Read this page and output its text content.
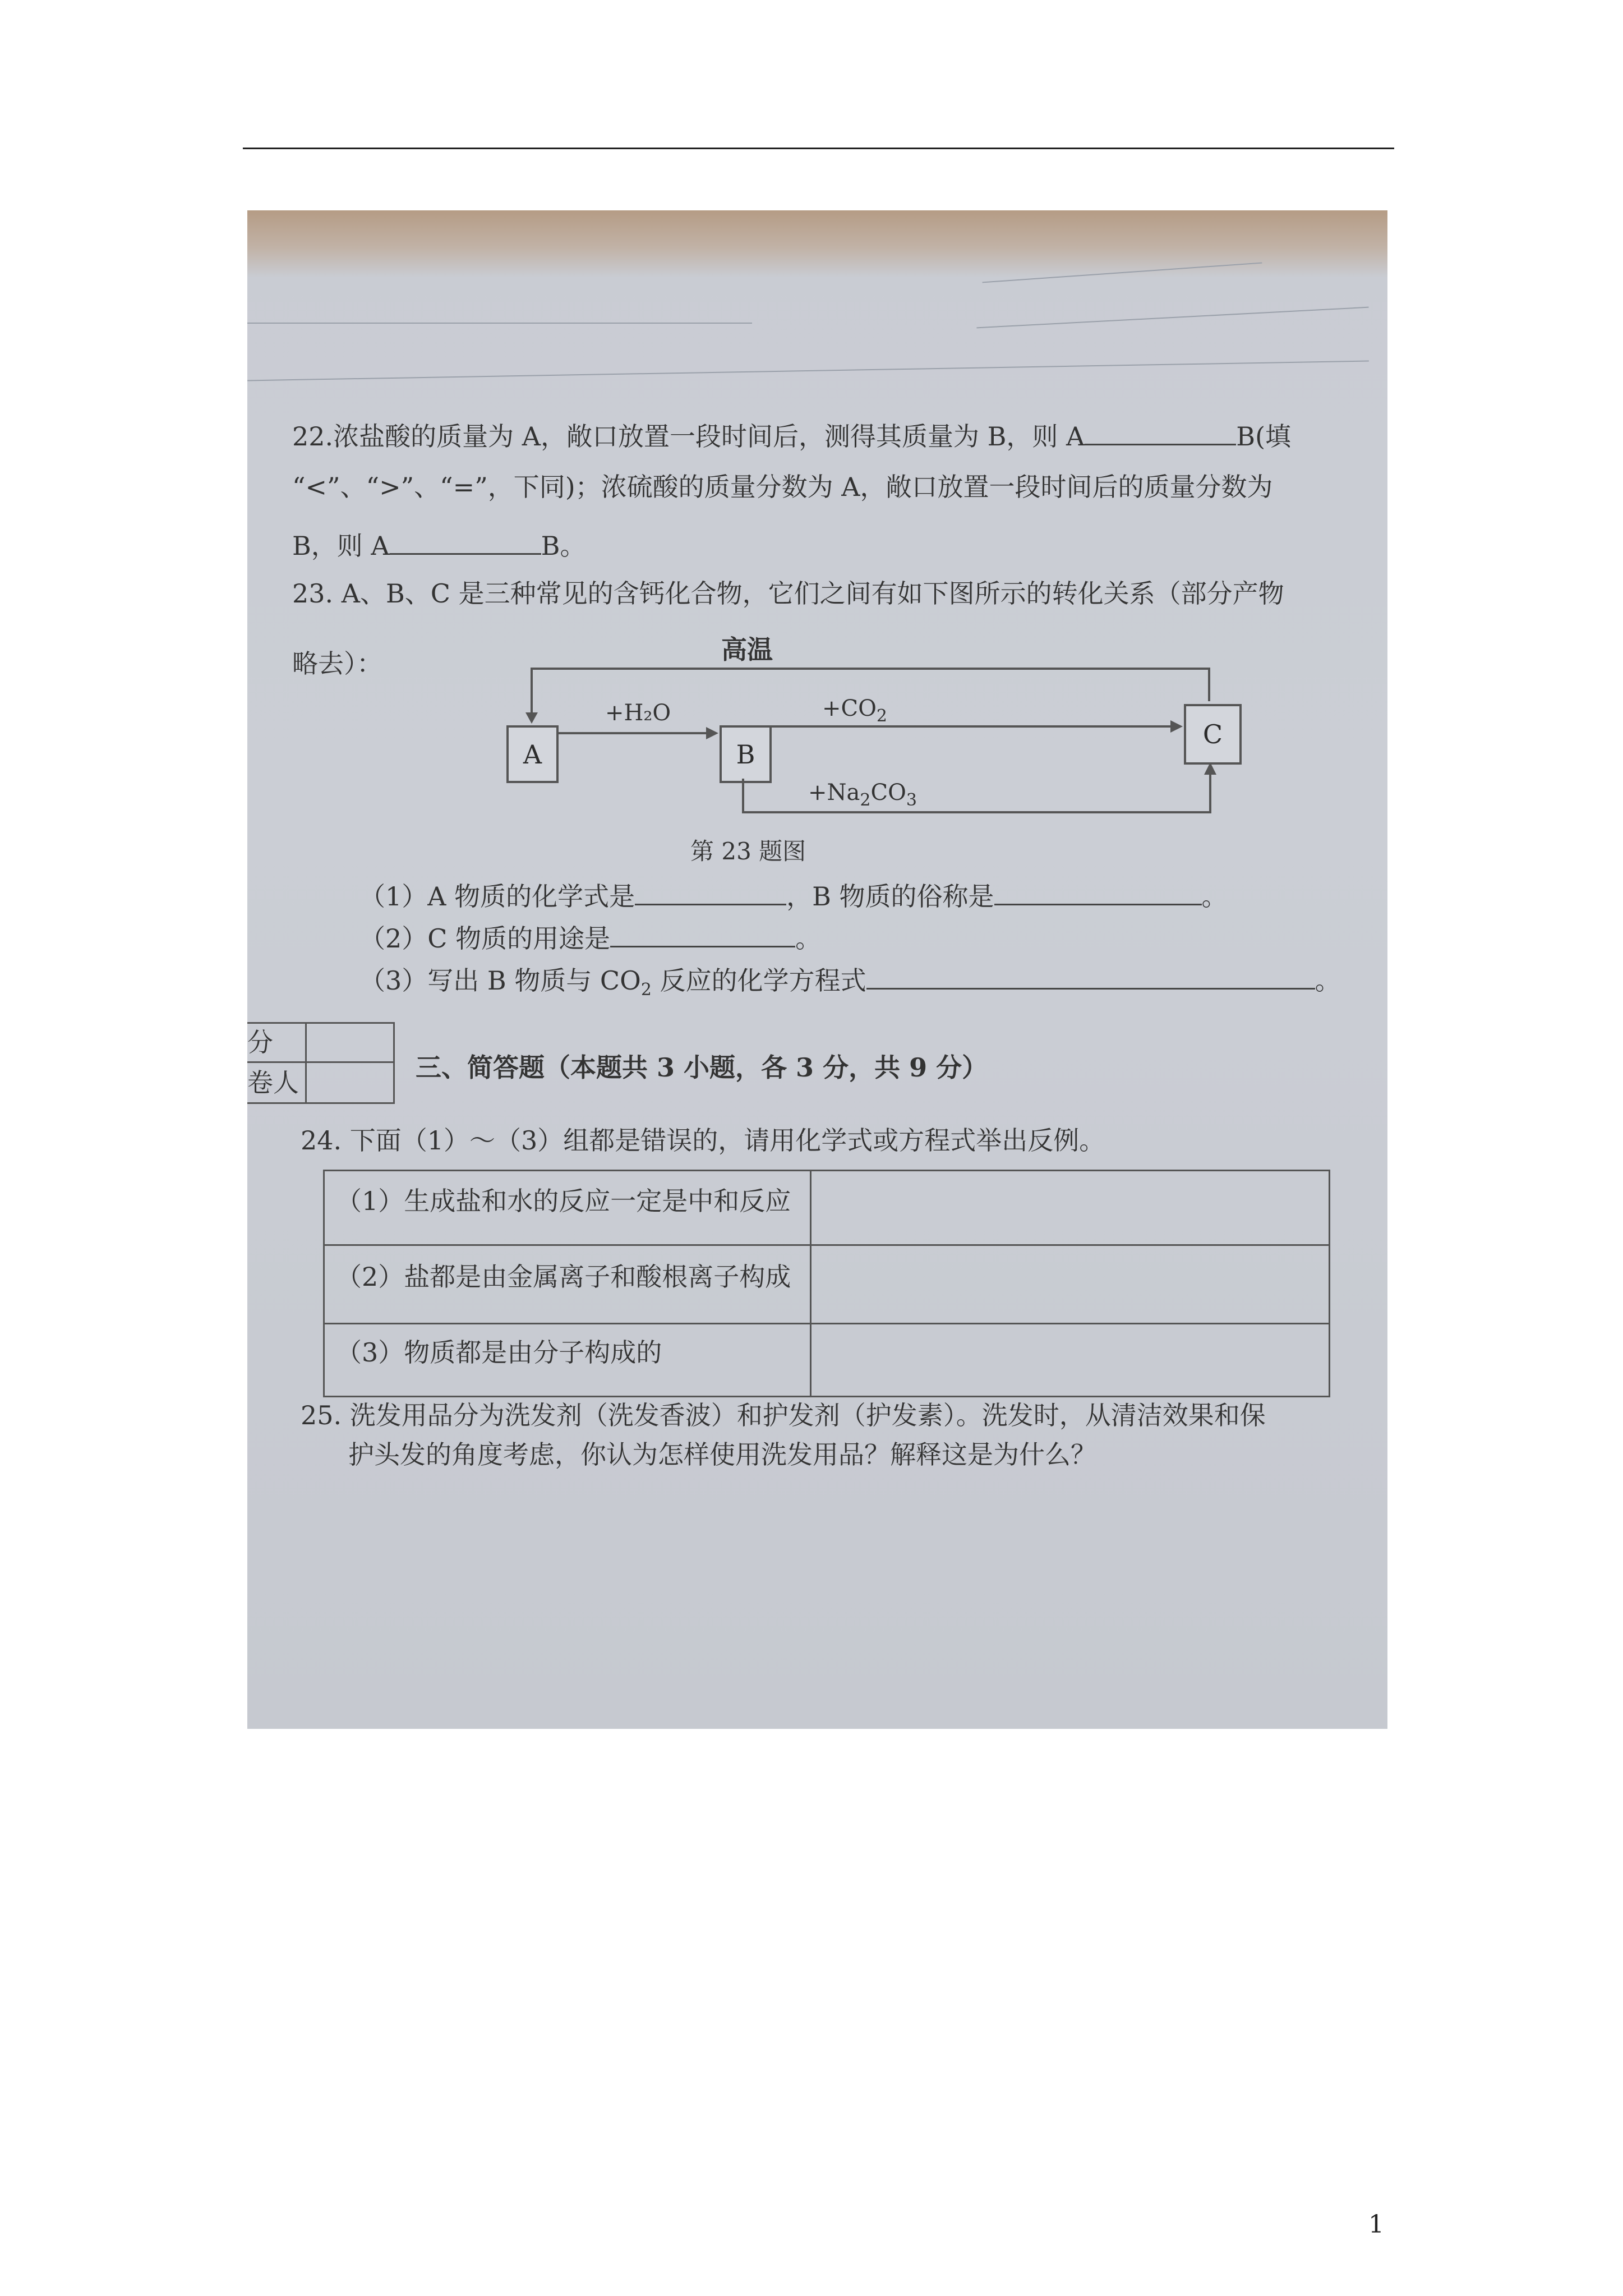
22.浓盐酸的质量为 A，敞口放置一段时间后，测得其质量为 B，则 A	B(填
“<”、“>”、“=”，下同)；浓硫酸的质量分数为 A，敞口放置一段时间后的质量分数为
B，则 A	B。
23. A、B、C 是三种常见的含钙化合物，它们之间有如下图所示的转化关系（部分产物
略去）：	高温
A	B
C
+H₂O	$+CO_2$
$+Na_2CO_3$
第 23 题图
（1）A 物质的化学式是	，B 物质的俗称是	。
（2）C 物质的用途是	。
（3）写出 B 物质与 $CO_2$ 反应的化学方程式	。
分
卷人	三、简答题（本题共 3 小题，各 3 分，共 9 分）
24. 下面（1）～（3）组都是错误的，请用化学式或方程式举出反例。
（1）生成盐和水的反应一定是中和反应
（2）盐都是由金属离子和酸根离子构成
（3）物质都是由分子构成的
25. 洗发用品分为洗发剂（洗发香波）和护发剂（护发素）。洗发时，从清洁效果和保
护头发的角度考虑，你认为怎样使用洗发用品？解释这是为什么？
1
